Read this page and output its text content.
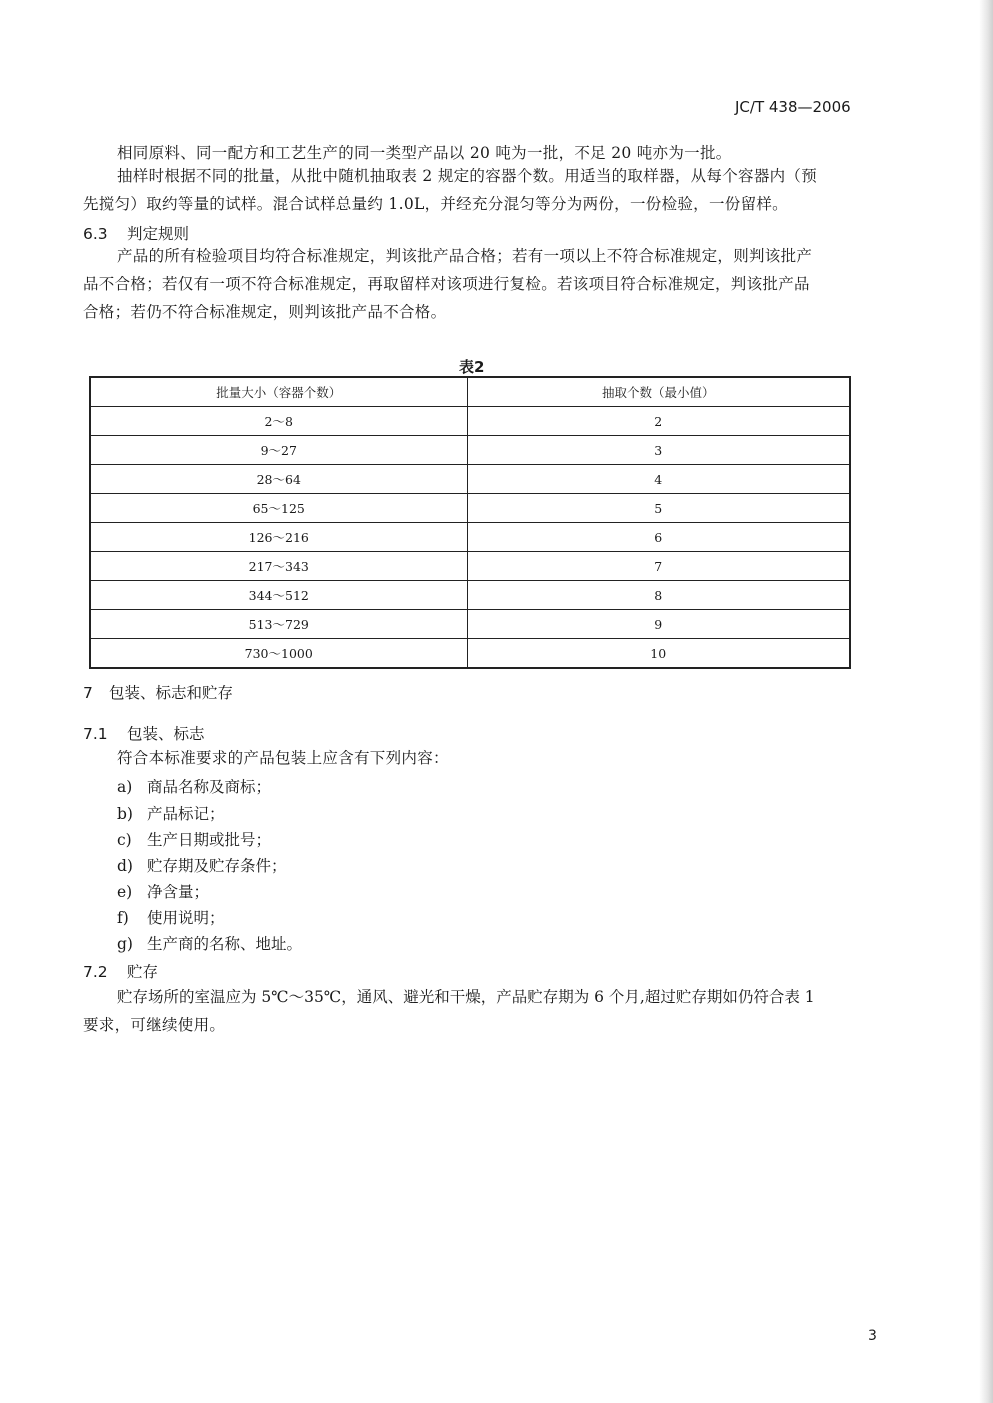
JC/T 438—2006
相同原料、同一配方和工艺生产的同一类型产品以 20 吨为一批，不足 20 吨亦为一批。
抽样时根据不同的批量，从批中随机抽取表 2 规定的容器个数。用适当的取样器，从每个容器内（预
先搅匀）取约等量的试样。混合试样总量约 1.0L，并经充分混匀等分为两份，一份检验，一份留样。
6.3 判定规则
产品的所有检验项目均符合标准规定，判该批产品合格；若有一项以上不符合标准规定，则判该批产
品不合格；若仅有一项不符合标准规定，再取留样对该项进行复检。若该项目符合标准规定，判该批产品
合格；若仍不符合标准规定，则判该批产品不合格。
表2
批量大小（容器个数）	抽取个数（最小值）
2～8	2
9～27	3
28～64	4
65～125	5
126～216	6
217～343	7
344～512	8
513～729	9
730～1000	10
7 包装、标志和贮存
7.1 包装、标志
符合本标准要求的产品包装上应含有下列内容：
a) 商品名称及商标；
b) 产品标记；
c) 生产日期或批号；
d) 贮存期及贮存条件；
e) 净含量；
f) 使用说明；
g) 生产商的名称、地址。
7.2 贮存
贮存场所的室温应为 5℃～35℃，通风、避光和干燥，产品贮存期为 6 个月,超过贮存期如仍符合表 1
要求，可继续使用。
3
